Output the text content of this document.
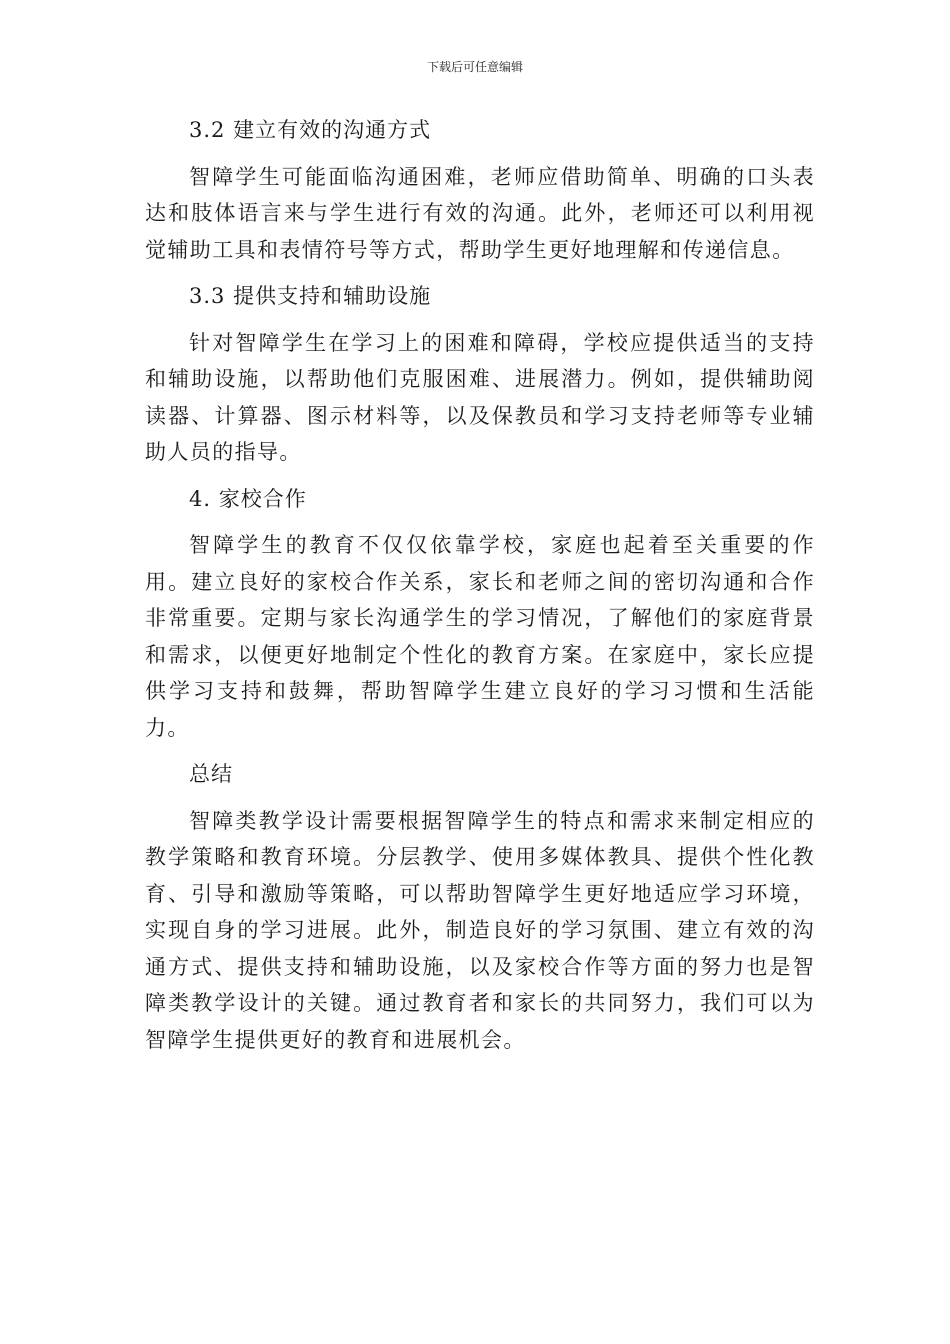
下载后可任意编辑
3.2 建立有效的沟通方式
智障学生可能面临沟通困难，老师应借助简单、明确的口头表达和肢体语言来与学生进行有效的沟通。此外，老师还可以利用视觉辅助工具和表情符号等方式，帮助学生更好地理解和传递信息。
3.3 提供支持和辅助设施
针对智障学生在学习上的困难和障碍，学校应提供适当的支持和辅助设施，以帮助他们克服困难、进展潜力。例如，提供辅助阅读器、计算器、图示材料等，以及保教员和学习支持老师等专业辅助人员的指导。
4. 家校合作
智障学生的教育不仅仅依靠学校，家庭也起着至关重要的作用。建立良好的家校合作关系，家长和老师之间的密切沟通和合作非常重要。定期与家长沟通学生的学习情况，了解他们的家庭背景和需求，以便更好地制定个性化的教育方案。在家庭中，家长应提供学习支持和鼓舞，帮助智障学生建立良好的学习习惯和生活能力。
总结
智障类教学设计需要根据智障学生的特点和需求来制定相应的教学策略和教育环境。分层教学、使用多媒体教具、提供个性化教育、引导和激励等策略，可以帮助智障学生更好地适应学习环境，实现自身的学习进展。此外，制造良好的学习氛围、建立有效的沟通方式、提供支持和辅助设施，以及家校合作等方面的努力也是智障类教学设计的关键。通过教育者和家长的共同努力，我们可以为智障学生提供更好的教育和进展机会。
